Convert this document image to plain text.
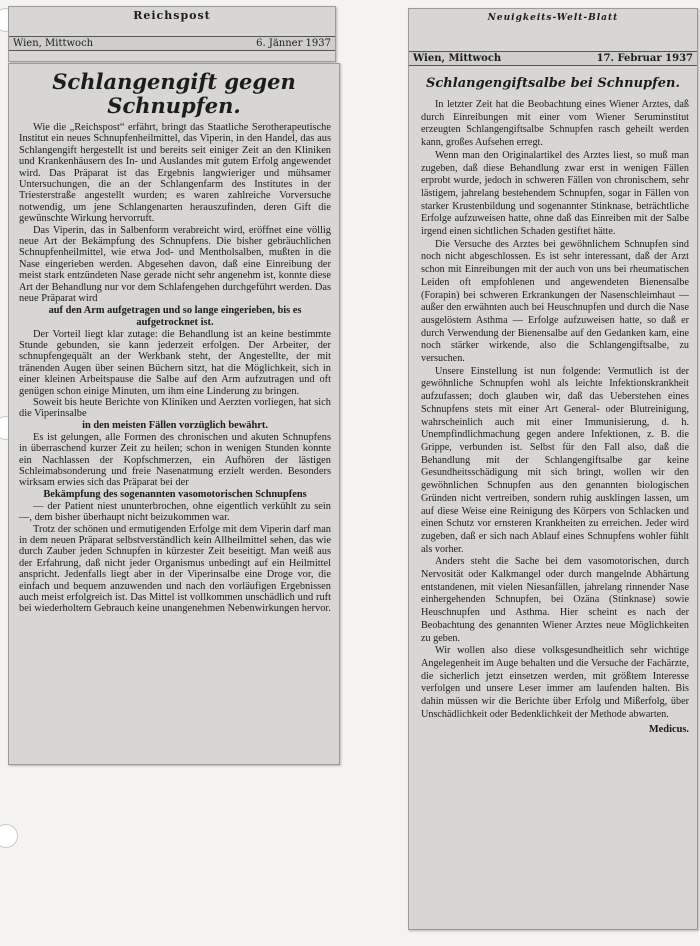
Reichspost
Wien, Mittwoch	6. Jänner 1937
Schlangengift gegen
Schnupfen.

Wie die „Reichspost“ erfährt, bringt das Staatliche Serotherapeutische Institut ein neues Schnupfenheilmittel, das Viperin, in den Handel, das aus Schlangengift hergestellt ist und bereits seit einiger Zeit an den Kliniken und Krankenhäusern des In- und Auslandes mit gutem Erfolg angewendet wird. Das Präparat ist das Ergebnis langwieriger und mühsamer Untersuchungen, die an der Schlangenfarm des Institutes in der Triesterstraße angestellt wurden; es waren zahlreiche Vorversuche notwendig, um jene Schlangenarten herauszufinden, deren Gift die gewünschte Wirkung hervorruft.

Das Viperin, das in Salbenform verabreicht wird, eröffnet eine völlig neue Art der Bekämpfung des Schnupfens. Die bisher gebräuchlichen Schnupfenheilmittel, wie etwa Jod- und Mentholsalben, mußten in die Nase eingerieben werden. Abgesehen davon, daß eine Einreibung der meist stark entzündeten Nase gerade nicht sehr angenehm ist, konnte diese Art der Behandlung nur vor dem Schlafengehen durchgeführt werden. Das neue Präparat wird

auf den Arm aufgetragen und so lange eingerieben, bis es aufgetrocknet ist.

Der Vorteil liegt klar zutage: die Behandlung ist an keine bestimmte Stunde gebunden, sie kann jederzeit erfolgen. Der Arbeiter, der schnupfengequält an der Werkbank steht, der Angestellte, der mit tränenden Augen über seinen Büchern sitzt, hat die Möglichkeit, sich in einer kleinen Arbeitspause die Salbe auf den Arm aufzutragen und oft genügen schon einige Minuten, um ihm eine Linderung zu bringen.

Soweit bis heute Berichte von Kliniken und Aerzten vorliegen, hat sich die Viperinsalbe

in den meisten Fällen vorzüglich bewährt.

Es ist gelungen, alle Formen des chronischen und akuten Schnupfens in überraschend kurzer Zeit zu heilen; schon in wenigen Stunden konnte ein Nachlassen der Kopfschmerzen, ein Aufhören der lästigen Schleimabsonderung und freie Nasenatmung erzielt werden. Besonders wirksam erwies sich das Präparat bei der

Bekämpfung des sogenannten vasomotorischen Schnupfens

— der Patient niest ununterbrochen, ohne eigentlich verkühlt zu sein —, dem bisher überhaupt nicht beizukommen war.

Trotz der schönen und ermutigenden Erfolge mit dem Viperin darf man in dem neuen Präparat selbstverständlich kein Allheilmittel sehen, das wie durch Zauber jeden Schnupfen in kürzester Zeit beseitigt. Man weiß aus der Erfahrung, daß nicht jeder Organismus unbedingt auf ein Heilmittel anspricht. Jedenfalls liegt aber in der Viperinsalbe eine Droge vor, die einfach und bequem anzuwenden und nach den vorläufigen Ergebnissen auch meist erfolgreich ist. Das Mittel ist vollkommen unschädlich und ruft bei wiederholtem Gebrauch keine unangenehmen Nebenwirkungen hervor.

Neuigkeits-Welt-Blatt
Wien, Mittwoch	17. Februar 1937
Schlangengiftsalbe bei Schnupfen.

In letzter Zeit hat die Beobachtung eines Wiener Arztes, daß durch Einreibungen mit einer vom Wiener Seruminstitut erzeugten Schlangengiftsalbe Schnupfen rasch geheilt werden kann, großes Aufsehen erregt.

Wenn man den Originalartikel des Arztes liest, so muß man zugeben, daß diese Behandlung zwar erst in wenigen Fällen erprobt wurde, jedoch in schweren Fällen von chronischem, sehr lästigem, jahrelang bestehendem Schnupfen, sogar in Fällen von starker Krustenbildung und sogenannter Stinknase, beträchtliche Erfolge aufzuweisen hatte, ohne daß das Einreiben mit der Salbe irgend einen sichtlichen Schaden gestiftet hätte.

Die Versuche des Arztes bei gewöhnlichem Schnupfen sind noch nicht abgeschlossen. Es ist sehr interessant, daß der Arzt schon mit Einreibungen mit der auch von uns bei rheumatischen Leiden oft empfohlenen und angewendeten Bienensalbe (Forapin) bei schweren Erkrankungen der Nasenschleimhaut — außer den erwähnten auch bei Heuschnupfen und durch die Nase ausgelöstem Asthma — Erfolge aufzuweisen hatte, so daß er durch Verwendung der Bienensalbe auf den Gedanken kam, eine noch stärker wirkende, also die Schlangengiftsalbe, zu versuchen.

Unsere Einstellung ist nun folgende: Vermutlich ist der gewöhnliche Schnupfen wohl als leichte Infektionskrankheit aufzufassen; doch glauben wir, daß das Ueberstehen eines Schnupfens stets mit einer Art General- oder Blutreinigung, wahrscheinlich auch mit einer Immunisierung, d. h. Unempfindlichmachung gegen andere Infektionen, z. B. die Grippe, verbunden ist. Selbst für den Fall also, daß die Behandlung mit der Schlangengiftsalbe gar keine Gesundheitsschädigung mit sich bringt, wollen wir den gewöhnlichen Schnupfen aus den genannten biologischen Gründen nicht vertreiben, sondern ruhig ausklingen lassen, um auf diese Weise eine Reinigung des Körpers von Schlacken und einen Schutz vor ernsteren Krankheiten zu erreichen. Jeder wird zugeben, daß er sich nach Ablauf eines Schnupfens wohler fühlt als vorher.

Anders steht die Sache bei dem vasomotorischen, durch Nervosität oder Kalkmangel oder durch mangelnde Abhärtung entstandenen, mit vielen Niesanfällen, jahrelang rinnender Nase einhergehenden Schnupfen, bei Ozäna (Stinknase) sowie Heuschnupfen und Asthma. Hier scheint es nach der Beobachtung des genannten Wiener Arztes neue Möglichkeiten zu geben.

Wir wollen also diese volksgesundheitlich sehr wichtige Angelegenheit im Auge behalten und die Versuche der Fachärzte, die sicherlich jetzt einsetzen werden, mit größtem Interesse verfolgen und unsere Leser immer am laufenden halten. Bis dahin müssen wir die Berichte über Erfolg und Mißerfolg, über Unschädlichkeit oder Bedenklichkeit der Methode abwarten.

Medicus.
